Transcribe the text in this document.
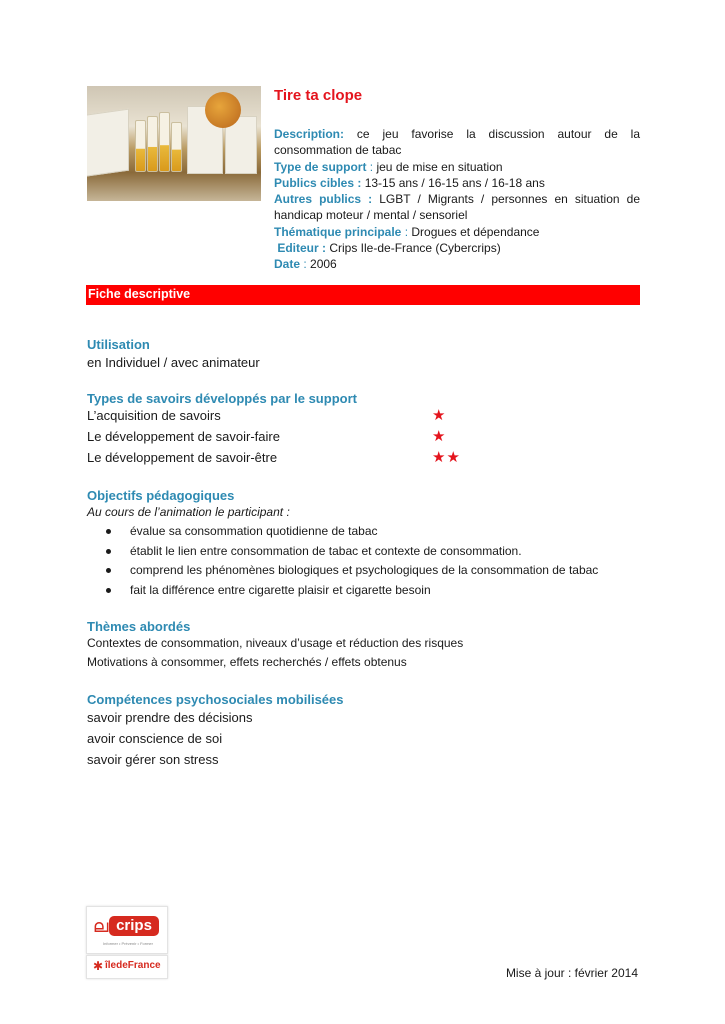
Tire ta clope
Description: ce jeu favorise la discussion autour de la consommation de tabac
Type de support : jeu de mise en situation
Publics cibles : 13-15 ans / 16-15 ans / 16-18 ans
Autres publics : LGBT / Migrants / personnes en situation de handicap moteur / mental / sensoriel
Thématique principale : Drogues et dépendance
Editeur : Crips Ile-de-France (Cybercrips)
Date : 2006
Fiche descriptive
Utilisation
en Individuel / avec animateur
Types de savoirs développés par le support
L’acquisition de savoirs	★
Le développement de savoir-faire	★
Le développement de savoir-être	★★
Objectifs pédagogiques
Au cours de l’animation le participant :
évalue sa consommation quotidienne de tabac
établit le lien entre consommation de tabac et contexte de consommation.
comprend les phénomènes biologiques et psychologiques de la consommation de tabac
fait la différence entre cigarette plaisir et cigarette besoin
Thèmes abordés
Contextes de consommation, niveaux d’usage et réduction des risques
Motivations à consommer, effets recherchés / effets obtenus
Compétences psychosociales mobilisées
savoir prendre des décisions
avoir conscience de soi
savoir gérer son stress
ല crips
Informer • Prévenir • Former
✱ îledeFrance
Mise à jour : février 2014
